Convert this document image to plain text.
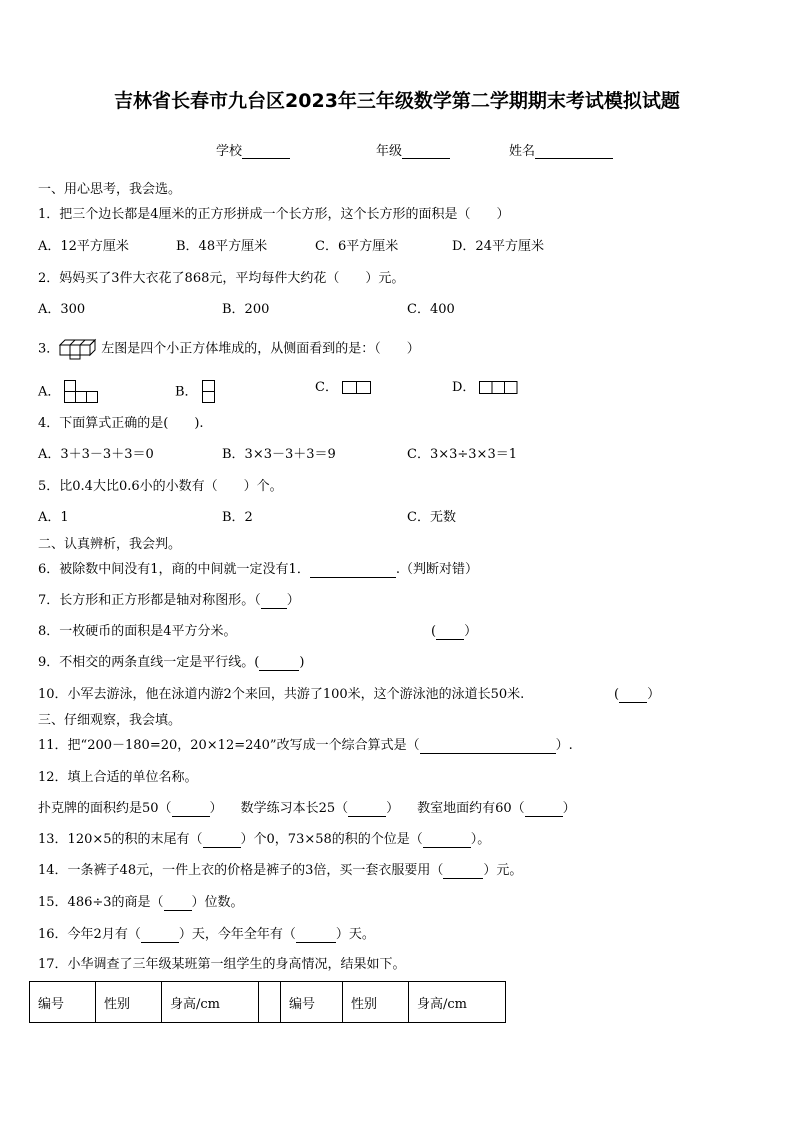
吉林省长春市九台区2023年三年级数学第二学期期末考试模拟试题
学校	年级	姓名
一、用心思考，我会选。
1．把三个边长都是4厘米的正方形拼成一个长方形，这个长方形的面积是（　　）
A．12平方厘米	B．48平方厘米	C．6平方厘米	D．24平方厘米
2．妈妈买了3件大衣花了868元，平均每件大约花（　　）元。
A．300	B．200	C．400
3．	左图是四个小正方体堆成的，从侧面看到的是：（　　）
A．	B．	C．	D．
4．下面算式正确的是(　　).
A．3＋3－3＋3＝0	B．3×3－3＋3＝9	C．3×3÷3×3＝1
5．比0.4大比0.6小的小数有（　　）个。
A．1	B．2	C．无数
二、认真辨析，我会判。
6．被除数中间没有1，商的中间就一定没有1．	.（判断对错）
7．长方形和正方形都是轴对称图形。（ ）
8．一枚硬币的面积是4平方分米。	( ）
9．不相交的两条直线一定是平行线。(	)
10．小军去游泳，他在泳道内游2个来回，共游了100米，这个游泳池的泳道长50米.	( ）
三、仔细观察，我会填。
11．把“200－180=20，20×12=240”改写成一个综合算式是（	）.
12．填上合适的单位名称。
扑克牌的面积约是50（	） 数学练习本长25（	） 教室地面约有60（	）
13．120×5的积的末尾有（	）个0，73×58的积的个位是（	）。
14．一条裤子48元，一件上衣的价格是裤子的3倍，买一套衣服要用（	）元。
15．486÷3的商是（ ）位数。
16．今年2月有（	）天，今年全年有（	）天。
17．小华调查了三年级某班第一组学生的身高情况，结果如下。
编号	性别	身高/cm		编号	性别	身高/cm
